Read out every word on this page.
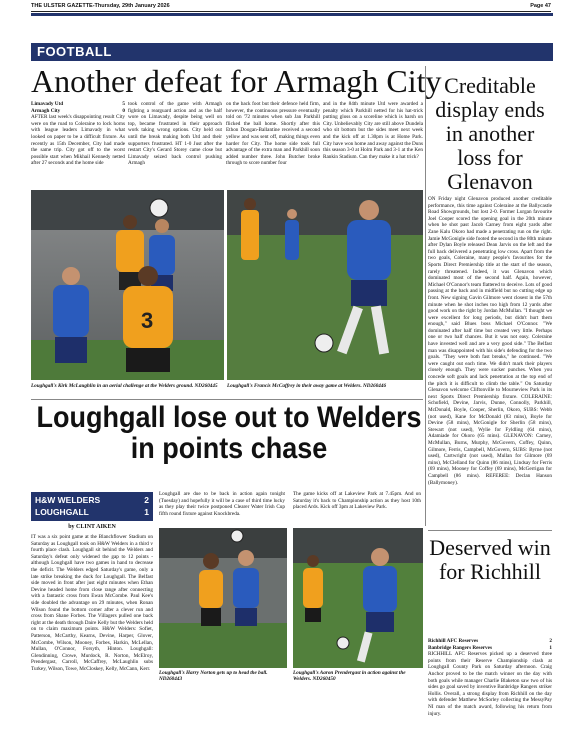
THE ULSTER GAZETTE-Thursday, 29th January 2026	Page 47
FOOTBALL
Another defeat for Armagh City
Limavady Utd	5
Armagh City	0

AFTER last week's disappointing result City were on the road to Coleraine to lock horns with league leaders Limavady in what looked on paper to be a difficult fixture. As recently as 15th December, City had made the same trip. City got off to the worst possible start when Mikhail Kennedy netted after 27 seconds and the home side

took control of the game with Armagh fighting a rearguard action and as the half wore on Limavady, despite being well on top, became frustrated in their approach work taking wrong options. City held out until the break making both Utd and their supporters frustrated. HT 1-0 Just after the restart City's Gerard Storey came close but Limavady seized back control pushing Armagh
on the back foot but their defence held firm, however, the continuous pressure eventually told on '72 minutes when sub Jan Parkhill flicked the ball home. Shortly after this Ethon Doogan-Ballantine received a second yellow and was sent off, making things even harder for City. The home side took full advantage of the extra man and Parkhill soon added number three. John Butcher broke through to score number four
and in the 84th minute Utd were awarded a penalty which Parkhill netted for his hat-trick putting gloss on a scoreline which is harsh on City. Unbelievably City are still above Dundela who sit bottom but the sides meet next week and the kick off at 1.30pm is at Home Park. City have won home and away against the Duns this season 3-0 at Holm Park and 3-1 at the Ken Rankin Stadium. Can they make it a hat trick?
3
Loughgall's Kirk McLaughlin in an aerial challenge at the Welders ground. ND260445	Loughgall's Francis McCaffrey in their away game at Welders. ND260446
Creditable display ends in another loss for Glenavon
ON Friday night Glenavon produced another creditable performance, this time against Coleraine at the Ballycastle Road Showgrounds, but lost 2-0. Former Lurgan favourite Joel Cooper scored the opening goal in the 20th minute when he shot past Jacob Carney from eight yards after Zane Kalu Okoro had made a penetrating run on the right. Jamie McGonigle side footed the second in the 80th minute after Dylan Boyle released Dean Jarvis on the left and the full back delivered a penetrating low cross. Apart from the two goals, Coleraine, many people's favourites for the Sports Direct Premiership title at the start of the season, rarely threatened. Indeed, it was Glenavon which dominated most of the second half. Again, however, Michael O'Connor's team flattered to deceive. Lots of good passing at the back and in midfield but no cutting edge up front. New signing Gavin Gilmore went closest in the 57th minute when he shot inches too high from 12 yards after good work on the right by Jordan McMullan. "I thought we were excellent for long periods, but didn't hurt them enough," said Blues boss Michael O'Connor. "We dominated after half time but created very little. Perhaps one or two half chances. But it was not easy. Coleraine have invested well and are a very good side." The Belfast man was disappointed with his side's defending for the two goals. "They were both fast breaks," he continued. "We were caught out each time. We didn't mark their players closely enough. They were sucker punches. When you concede soft goals and lack penetration at the top end of the pitch it is difficult to climb the table." On Saturday Glenavon welcome Cliftonville to Mourneview Park in its next Sports Direct Premiership fixture. COLERAINE: Schofield, Devine, Jarvis, Dunne, Connolly, Parkhill, McDonald, Boyle, Cooper, Sherlin, Okoro, SUBS: Webb (not used), Kane for McDonald (83 mins), Boyle for Devine (58 mins), McGonigle for Sherlin (58 mins), Stewart (not used), Wylie for Fyldling (64 mins), Adamiade for Okoro (65 mins). GLENAVON: Carney, McMullan, Burns, Murphy, McGovern, Coffey, Quinn, Gilmore, Ferris, Campbell, McGovern, SUBS: Byrne (not used), Cartwright (not used), Mullan for Gilmore (69 mins), McClelland for Quinn (86 mins), Lindsay for Ferris (69 mins), Mooney for Coffey (69 mins), McGerrigan for Campbell (86 mins). REFEREE: Declan Hanson (Ballymoney).
Loughgall lose out to Welders in points chase
H&W WELDERS	2
LOUGHGALL	1
by CLINT AIKEN
IT was a six point game at the Blanchflower Stadium on Saturday as Loughgall took on H&W Welders in a third v fourth place clash. Loughgall sit behind the Welders and Saturday's defeat only widened the gap to 12 points - although Loughgall have two games in hand to decrease the deficit. The Welders edged Saturday's game, only a late strike breaking the duck for Loughgall. The Belfast side moved in front after just eight minutes when Ethan Devine headed home from close range after connecting with a fantastic cross from Ewan McCombe. Paul Kee's side doubled the advantage on 29 minutes, when Ronan Wilson found the bottom corner after a clever run and cross from Shane Forbes. The Villagers pulled one back right at the death through Daire Kelly but the Welders held on to claim maximum points. H&W Welders: Sofiet, Patterson, McCarthy, Kearns, Devine, Harper, Glover, McCombe, Wilson, Mooney, Forbes, Harkin, McLellan, Mullan, O'Connor, Forsyth, Hinton. Loughgall: Glendinning, Crowe, Murdock, R. Norton, McElroy, Prendergast, Carroll, McCaffrey, McLaughlin subs Turkey, Wilson, Towe, McCloskey, Kelly, McCann, Kerr.
Loughgall are due to be back in action again tonight (Tuesday) and hopefully it will be a case of third time lucky as they play their twice postponed Clearer Water Irish Cup fifth round fixture against Knockbreda.
The game kicks off at Lakeview Park at 7.45pm. And on Saturday it's back to Championship action as they host 10th placed Ards. Kick off 3pm at Lakeview Park.
Loughgall's Harry Norton gets up to head the ball. ND260443
Loughgall's Aaron Prendergast in action against the Welders. ND260450
Deserved win for Richhill
Richhill AFC Reserves	2
Banbridge Rangers Reserves	1

RICHHILL AFC Reserves picked up a deserved three points from their Reserve Championship clash at Loughgall County Park on Saturday afternoon. Craig Anchor proved to be the match winner on the day with both goals while manager Charlie Blaketon saw two of his sides go goal saved by inventive Banbridge Rangers striker Hollis. Overall, a strong display from Richhill on the day with defender Matthew McSorley collecting the MessyPay NI man of the match award, following his return from injury.
